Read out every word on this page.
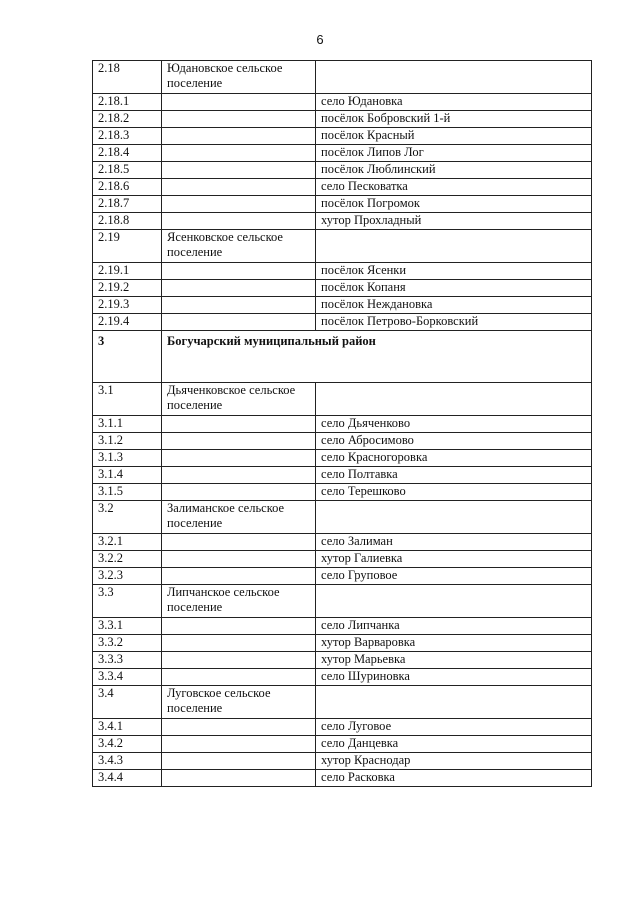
6
2.18	Юдановское сельское поселение	
2.18.1		село Юдановка
2.18.2		посёлок Бобровский 1-й
2.18.3		посёлок Красный
2.18.4		посёлок Липов Лог
2.18.5		посёлок Люблинский
2.18.6		село Песковатка
2.18.7		посёлок Погромок
2.18.8		хутор Прохладный
2.19	Ясенковское сельское поселение	
2.19.1		посёлок Ясенки
2.19.2		посёлок Копаня
2.19.3		посёлок Неждановка
2.19.4		посёлок Петрово-Борковский
3	Богучарский муниципальный район	
3.1	Дьяченковское сельское поселение	
3.1.1		село Дьяченково
3.1.2		село Абросимово
3.1.3		село Красногоровка
3.1.4		село Полтавка
3.1.5		село Терешково
3.2	Залиманское сельское поселение	
3.2.1		село Залиман
3.2.2		хутор Галиевка
3.2.3		село Груповое
3.3	Липчанское сельское поселение	
3.3.1		село Липчанка
3.3.2		хутор Варваровка
3.3.3		хутор Марьевка
3.3.4		село Шуриновка
3.4	Луговское сельское поселение	
3.4.1		село Луговое
3.4.2		село Данцевка
3.4.3		хутор Краснодар
3.4.4		село Расковка
